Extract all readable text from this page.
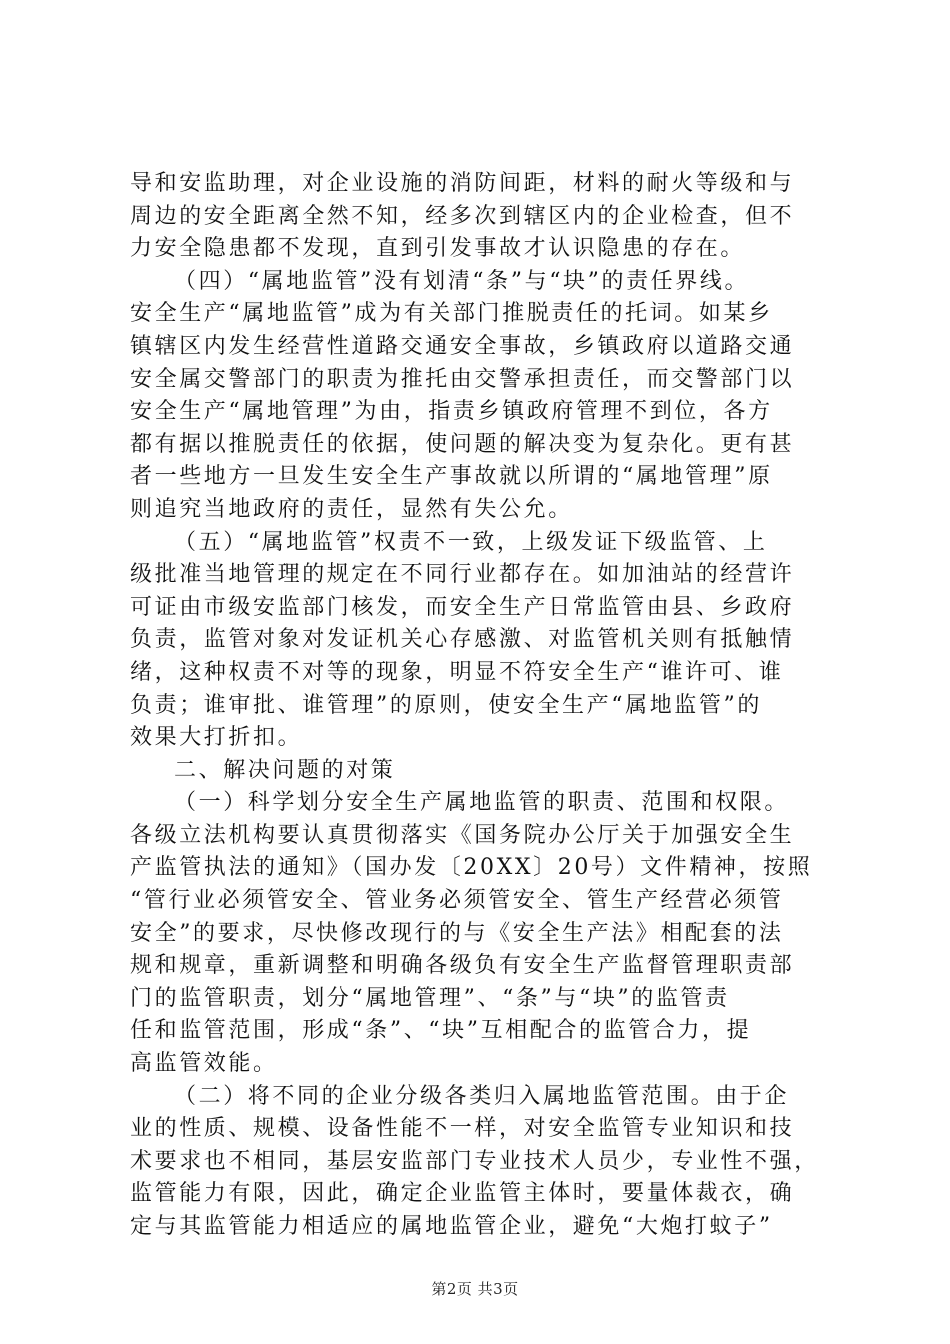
导和安监助理，对企业设施的消防间距，材料的耐火等级和与
周边的安全距离全然不知，经多次到辖区内的企业检查，但不
力安全隐患都不发现，直到引发事故才认识隐患的存在。
（四）“属地监管”没有划清“条”与“块”的责任界线。
安全生产“属地监管”成为有关部门推脱责任的托词。如某乡
镇辖区内发生经营性道路交通安全事故，乡镇政府以道路交通
安全属交警部门的职责为推托由交警承担责任，而交警部门以
安全生产“属地管理”为由，指责乡镇政府管理不到位，各方
都有据以推脱责任的依据，使问题的解决变为复杂化。更有甚
者一些地方一旦发生安全生产事故就以所谓的“属地管理”原
则追究当地政府的责任，显然有失公允。
（五）“属地监管”权责不一致，上级发证下级监管、上
级批准当地管理的规定在不同行业都存在。如加油站的经营许
可证由市级安监部门核发，而安全生产日常监管由县、乡政府
负责，监管对象对发证机关心存感激、对监管机关则有抵触情
绪，这种权责不对等的现象，明显不符安全生产“谁许可、谁
负责；谁审批、谁管理”的原则，使安全生产“属地监管”的
效果大打折扣。
二、解决问题的对策
（一）科学划分安全生产属地监管的职责、范围和权限。
各级立法机构要认真贯彻落实《国务院办公厅关于加强安全生
产监管执法的通知》（国办发〔20XX〕20号）文件精神，按照
“管行业必须管安全、管业务必须管安全、管生产经营必须管
安全”的要求，尽快修改现行的与《安全生产法》相配套的法
规和规章，重新调整和明确各级负有安全生产监督管理职责部
门的监管职责，划分“属地管理”、“条”与“块”的监管责
任和监管范围，形成“条”、“块”互相配合的监管合力，提
高监管效能。
（二）将不同的企业分级各类归入属地监管范围。由于企
业的性质、规模、设备性能不一样，对安全监管专业知识和技
术要求也不相同，基层安监部门专业技术人员少，专业性不强，
监管能力有限，因此，确定企业监管主体时，要量体裁衣，确
定与其监管能力相适应的属地监管企业，避免“大炮打蚊子”
第2页 共3页
